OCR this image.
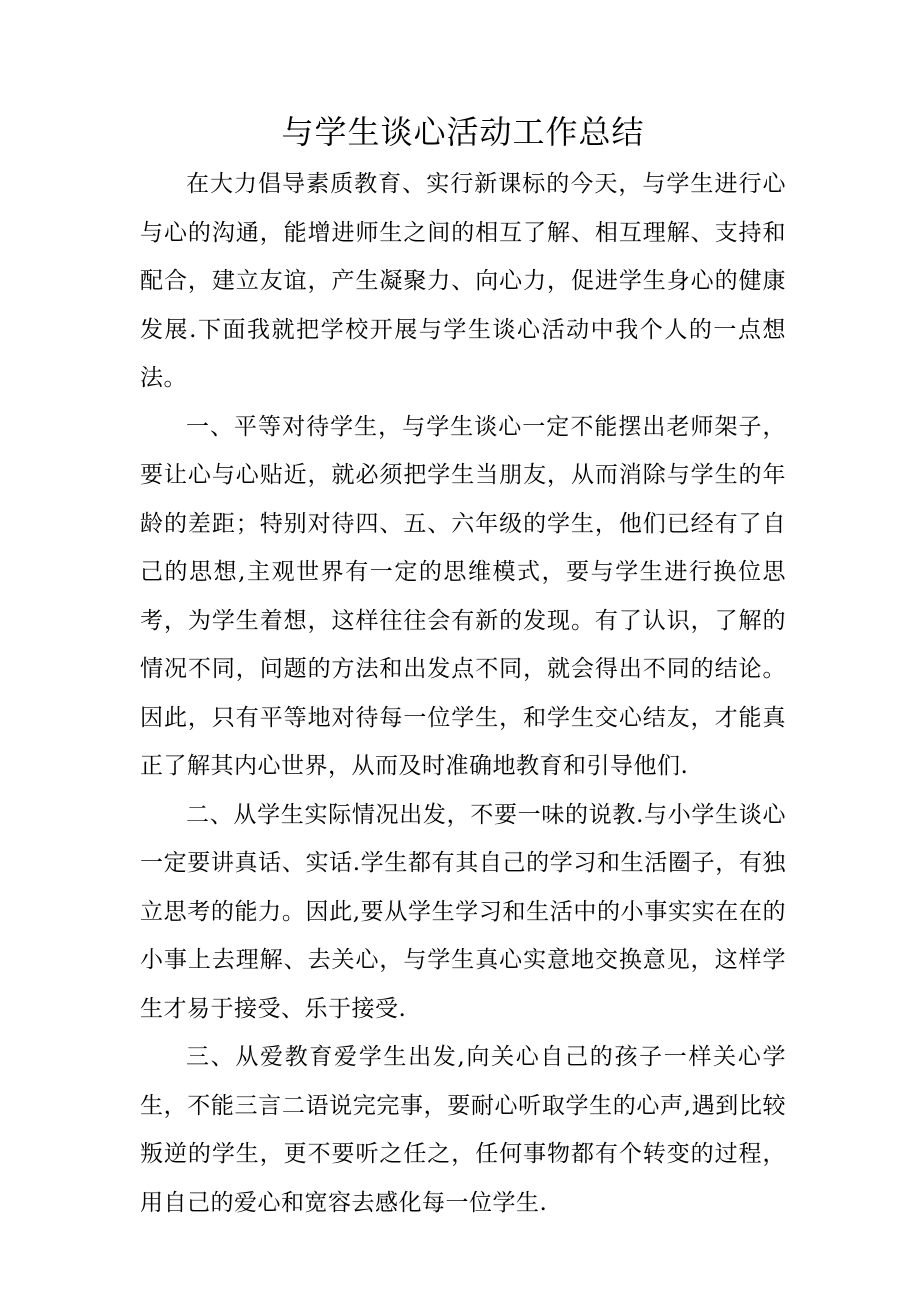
与学生谈心活动工作总结

在大力倡导素质教育、实行新课标的今天，与学生进行心与心的沟通，能增进师生之间的相互了解、相互理解、支持和配合，建立友谊，产生凝聚力、向心力，促进学生身心的健康发展.下面我就把学校开展与学生谈心活动中我个人的一点想法。

一、平等对待学生，与学生谈心一定不能摆出老师架子，要让心与心贴近，就必须把学生当朋友，从而消除与学生的年龄的差距；特别对待四、五、六年级的学生，他们已经有了自己的思想,主观世界有一定的思维模式，要与学生进行换位思考，为学生着想，这样往往会有新的发现。有了认识，了解的情况不同，问题的方法和出发点不同，就会得出不同的结论。因此，只有平等地对待每一位学生，和学生交心结友，才能真正了解其内心世界，从而及时准确地教育和引导他们.

二、从学生实际情况出发，不要一味的说教.与小学生谈心一定要讲真话、实话.学生都有其自己的学习和生活圈子，有独立思考的能力。因此,要从学生学习和生活中的小事实实在在的小事上去理解、去关心，与学生真心实意地交换意见，这样学生才易于接受、乐于接受.

三、从爱教育爱学生出发,向关心自己的孩子一样关心学生，不能三言二语说完完事，要耐心听取学生的心声,遇到比较叛逆的学生，更不要听之任之，任何事物都有个转变的过程，用自己的爱心和宽容去感化每一位学生.
